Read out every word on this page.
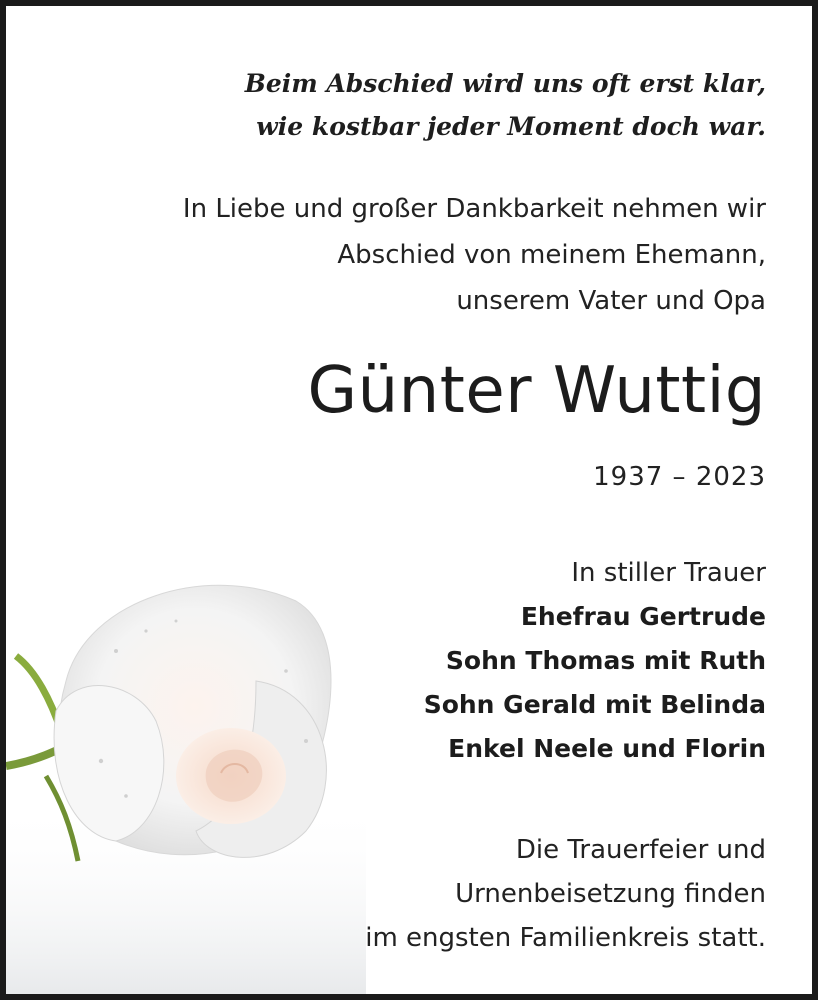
Beim Abschied wird uns oft erst klar,
wie kostbar jeder Moment doch war.
In Liebe und großer Dankbarkeit nehmen wir
Abschied von meinem Ehemann,
unserem Vater und Opa
Günter Wuttig
1937 – 2023
In stiller Trauer
Ehefrau Gertrude
Sohn Thomas mit Ruth
Sohn Gerald mit Belinda
Enkel Neele und Florin
Die Trauerfeier und
Urnenbeisetzung finden
im engsten Familienkreis statt.
